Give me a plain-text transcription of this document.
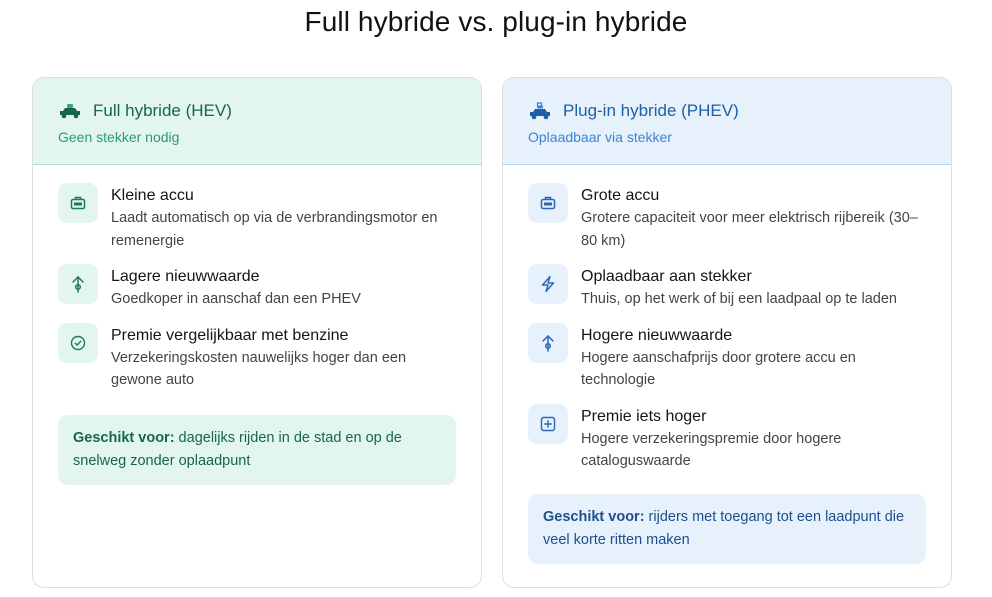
Full hybride vs. plug-in hybride
Full hybride (HEV)
Geen stekker nodig
Kleine accu
Laadt automatisch op via de verbrandingsmotor en remenergie
Lagere nieuwwaarde
Goedkoper in aanschaf dan een PHEV
Premie vergelijkbaar met benzine
Verzekeringskosten nauwelijks hoger dan een gewone auto
Geschikt voor: dagelijks rijden in de stad en op de snelweg zonder oplaadpunt
Plug-in hybride (PHEV)
Oplaadbaar via stekker
Grote accu
Grotere capaciteit voor meer elektrisch rijbereik (30–80 km)
Oplaadbaar aan stekker
Thuis, op het werk of bij een laadpaal op te laden
Hogere nieuwwaarde
Hogere aanschafprijs door grotere accu en technologie
Premie iets hoger
Hogere verzekeringspremie door hogere cataloguswaarde
Geschikt voor: rijders met toegang tot een laadpunt die veel korte ritten maken
